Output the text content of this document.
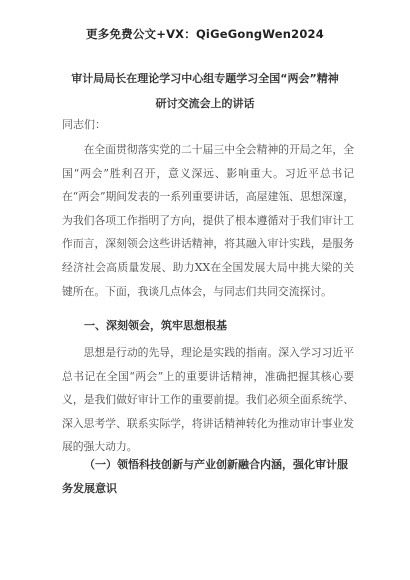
更多免费公文+VX：QiGeGongWen2024
审计局局长在理论学习中心组专题学习全国“两会”精神
研讨交流会上的讲话
同志们：

在全面贯彻落实党的二十届三中全会精神的开局之年，全国“两会”胜利召开，意义深远、影响重大。习近平总书记在“两会”期间发表的一系列重要讲话，高屋建瓴、思想深邃，为我们各项工作指明了方向，提供了根本遵循对于我们审计工作而言，深刻领会这些讲话精神，将其融入审计实践，是服务经济社会高质量发展、助力XX在全国发展大局中挑大梁的关键所在。下面，我谈几点体会，与同志们共同交流探讨。

一、深刻领会，筑牢思想根基

思想是行动的先导，理论是实践的指南。深入学习习近平总书记在全国“两会”上的重要讲话精神，准确把握其核心要义，是我们做好审计工作的重要前提。我们必须全面系统学、深入思考学、联系实际学，将讲话精神转化为推动审计事业发展的强大动力。

（一）领悟科技创新与产业创新融合内涵，强化审计服务发展意识
